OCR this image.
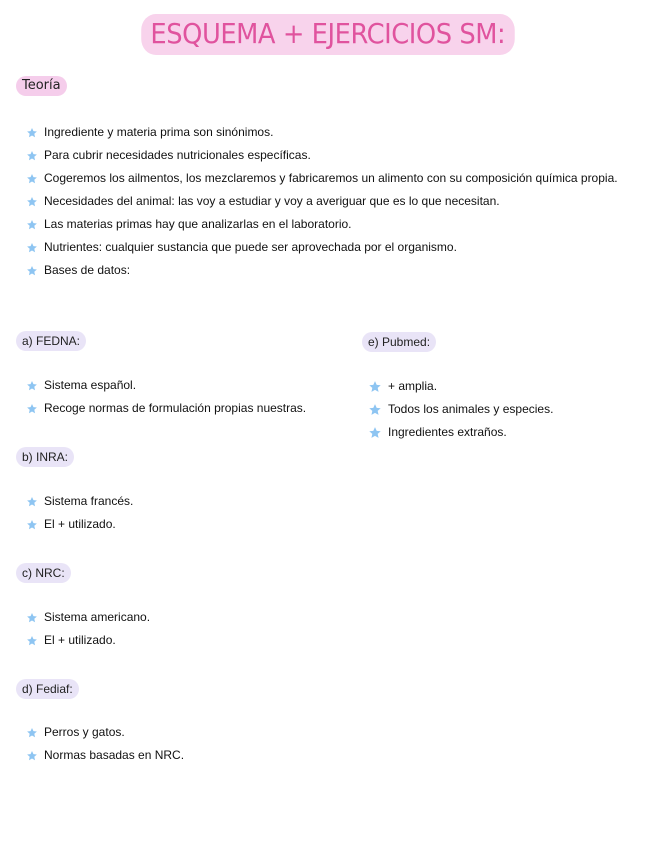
ESQUEMA + EJERCICIOS SM:
Teoría
Ingrediente y materia prima son sinónimos.
Para cubrir necesidades nutricionales específicas.
Cogeremos los ailmentos, los mezclaremos y fabricaremos un alimento con su composición química propia.
Necesidades del animal: las voy a estudiar y voy a averiguar que es lo que necesitan.
Las materias primas hay que analizarlas en el laboratorio.
Nutrientes: cualquier sustancia que puede ser aprovechada por el organismo.
Bases de datos:
a) FEDNA:
Sistema español.
Recoge normas de formulación propias nuestras.
e) Pubmed:
+ amplia.
Todos los animales y especies.
Ingredientes extraños.
b) INRA:
Sistema francés.
El + utilizado.
c) NRC:
Sistema americano.
El + utilizado.
d) Fediaf:
Perros y gatos.
Normas basadas en NRC.
